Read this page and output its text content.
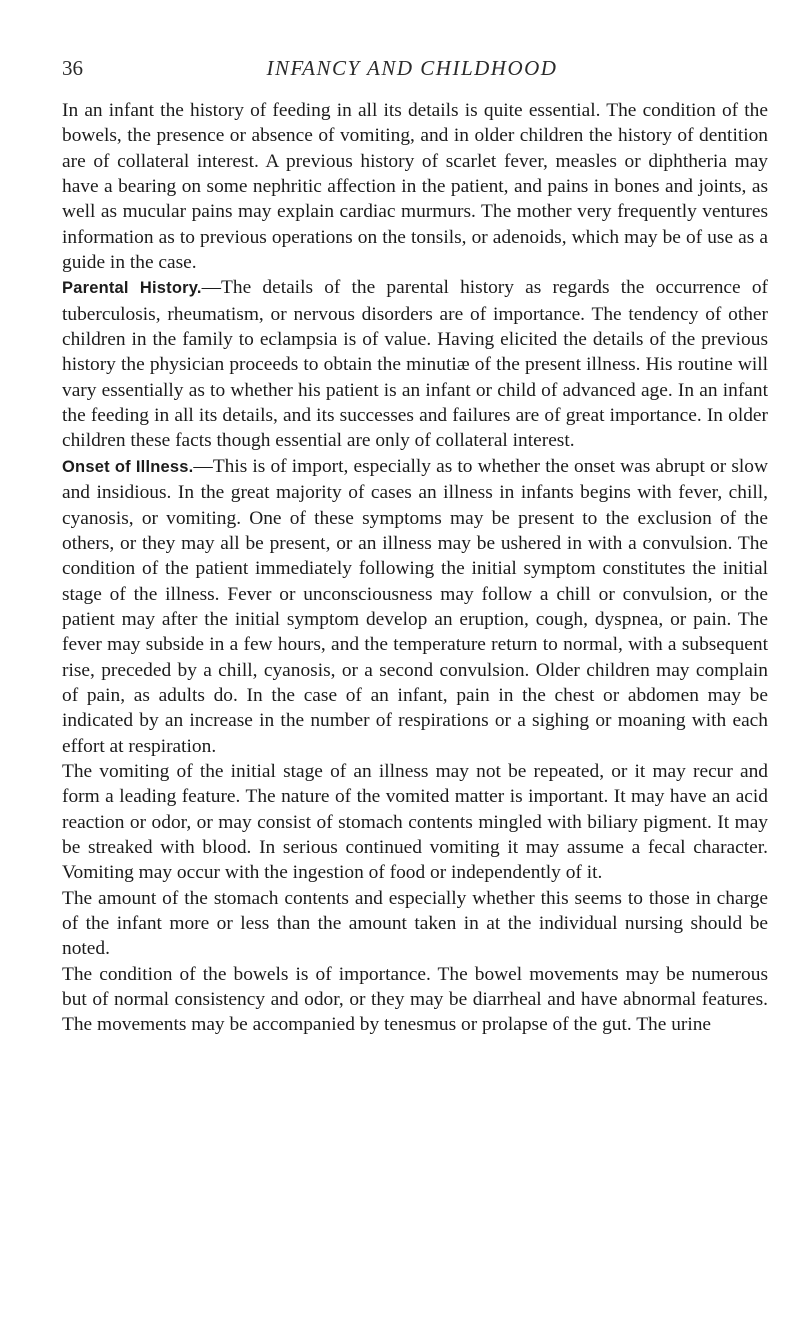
36	INFANCY AND CHILDHOOD

In an infant the history of feeding in all its details is quite essential. The condition of the bowels, the presence or absence of vomiting, and in older children the history of dentition are of collateral interest. A previous history of scarlet fever, measles or diphtheria may have a bearing on some nephritic affection in the patient, and pains in bones and joints, as well as mucular pains may explain cardiac murmurs. The mother very frequently ventures information as to previous operations on the tonsils, or adenoids, which may be of use as a guide in the case.

Parental History.—The details of the parental history as regards the occurrence of tuberculosis, rheumatism, or nervous disorders are of importance. The tendency of other children in the family to eclampsia is of value. Having elicited the details of the previous history the physician proceeds to obtain the minutiæ of the present illness. His routine will vary essentially as to whether his patient is an infant or child of advanced age. In an infant the feeding in all its details, and its successes and failures are of great importance. In older children these facts though essential are only of collateral interest.

Onset of Illness.—This is of import, especially as to whether the onset was abrupt or slow and insidious. In the great majority of cases an illness in infants begins with fever, chill, cyanosis, or vomiting. One of these symptoms may be present to the exclusion of the others, or they may all be present, or an illness may be ushered in with a convulsion. The condition of the patient immediately following the initial symptom constitutes the initial stage of the illness. Fever or unconsciousness may follow a chill or convulsion, or the patient may after the initial symptom develop an eruption, cough, dyspnea, or pain. The fever may subside in a few hours, and the temperature return to normal, with a subsequent rise, preceded by a chill, cyanosis, or a second convulsion. Older children may complain of pain, as adults do. In the case of an infant, pain in the chest or abdomen may be indicated by an increase in the number of respirations or a sighing or moaning with each effort at respiration.

The vomiting of the initial stage of an illness may not be repeated, or it may recur and form a leading feature. The nature of the vomited matter is important. It may have an acid reaction or odor, or may consist of stomach contents mingled with biliary pigment. It may be streaked with blood. In serious continued vomiting it may assume a fecal character. Vomiting may occur with the ingestion of food or independently of it.

The amount of the stomach contents and especially whether this seems to those in charge of the infant more or less than the amount taken in at the individual nursing should be noted.

The condition of the bowels is of importance. The bowel movements may be numerous but of normal consistency and odor, or they may be diarrheal and have abnormal features. The movements may be accompanied by tenesmus or prolapse of the gut. The urine
